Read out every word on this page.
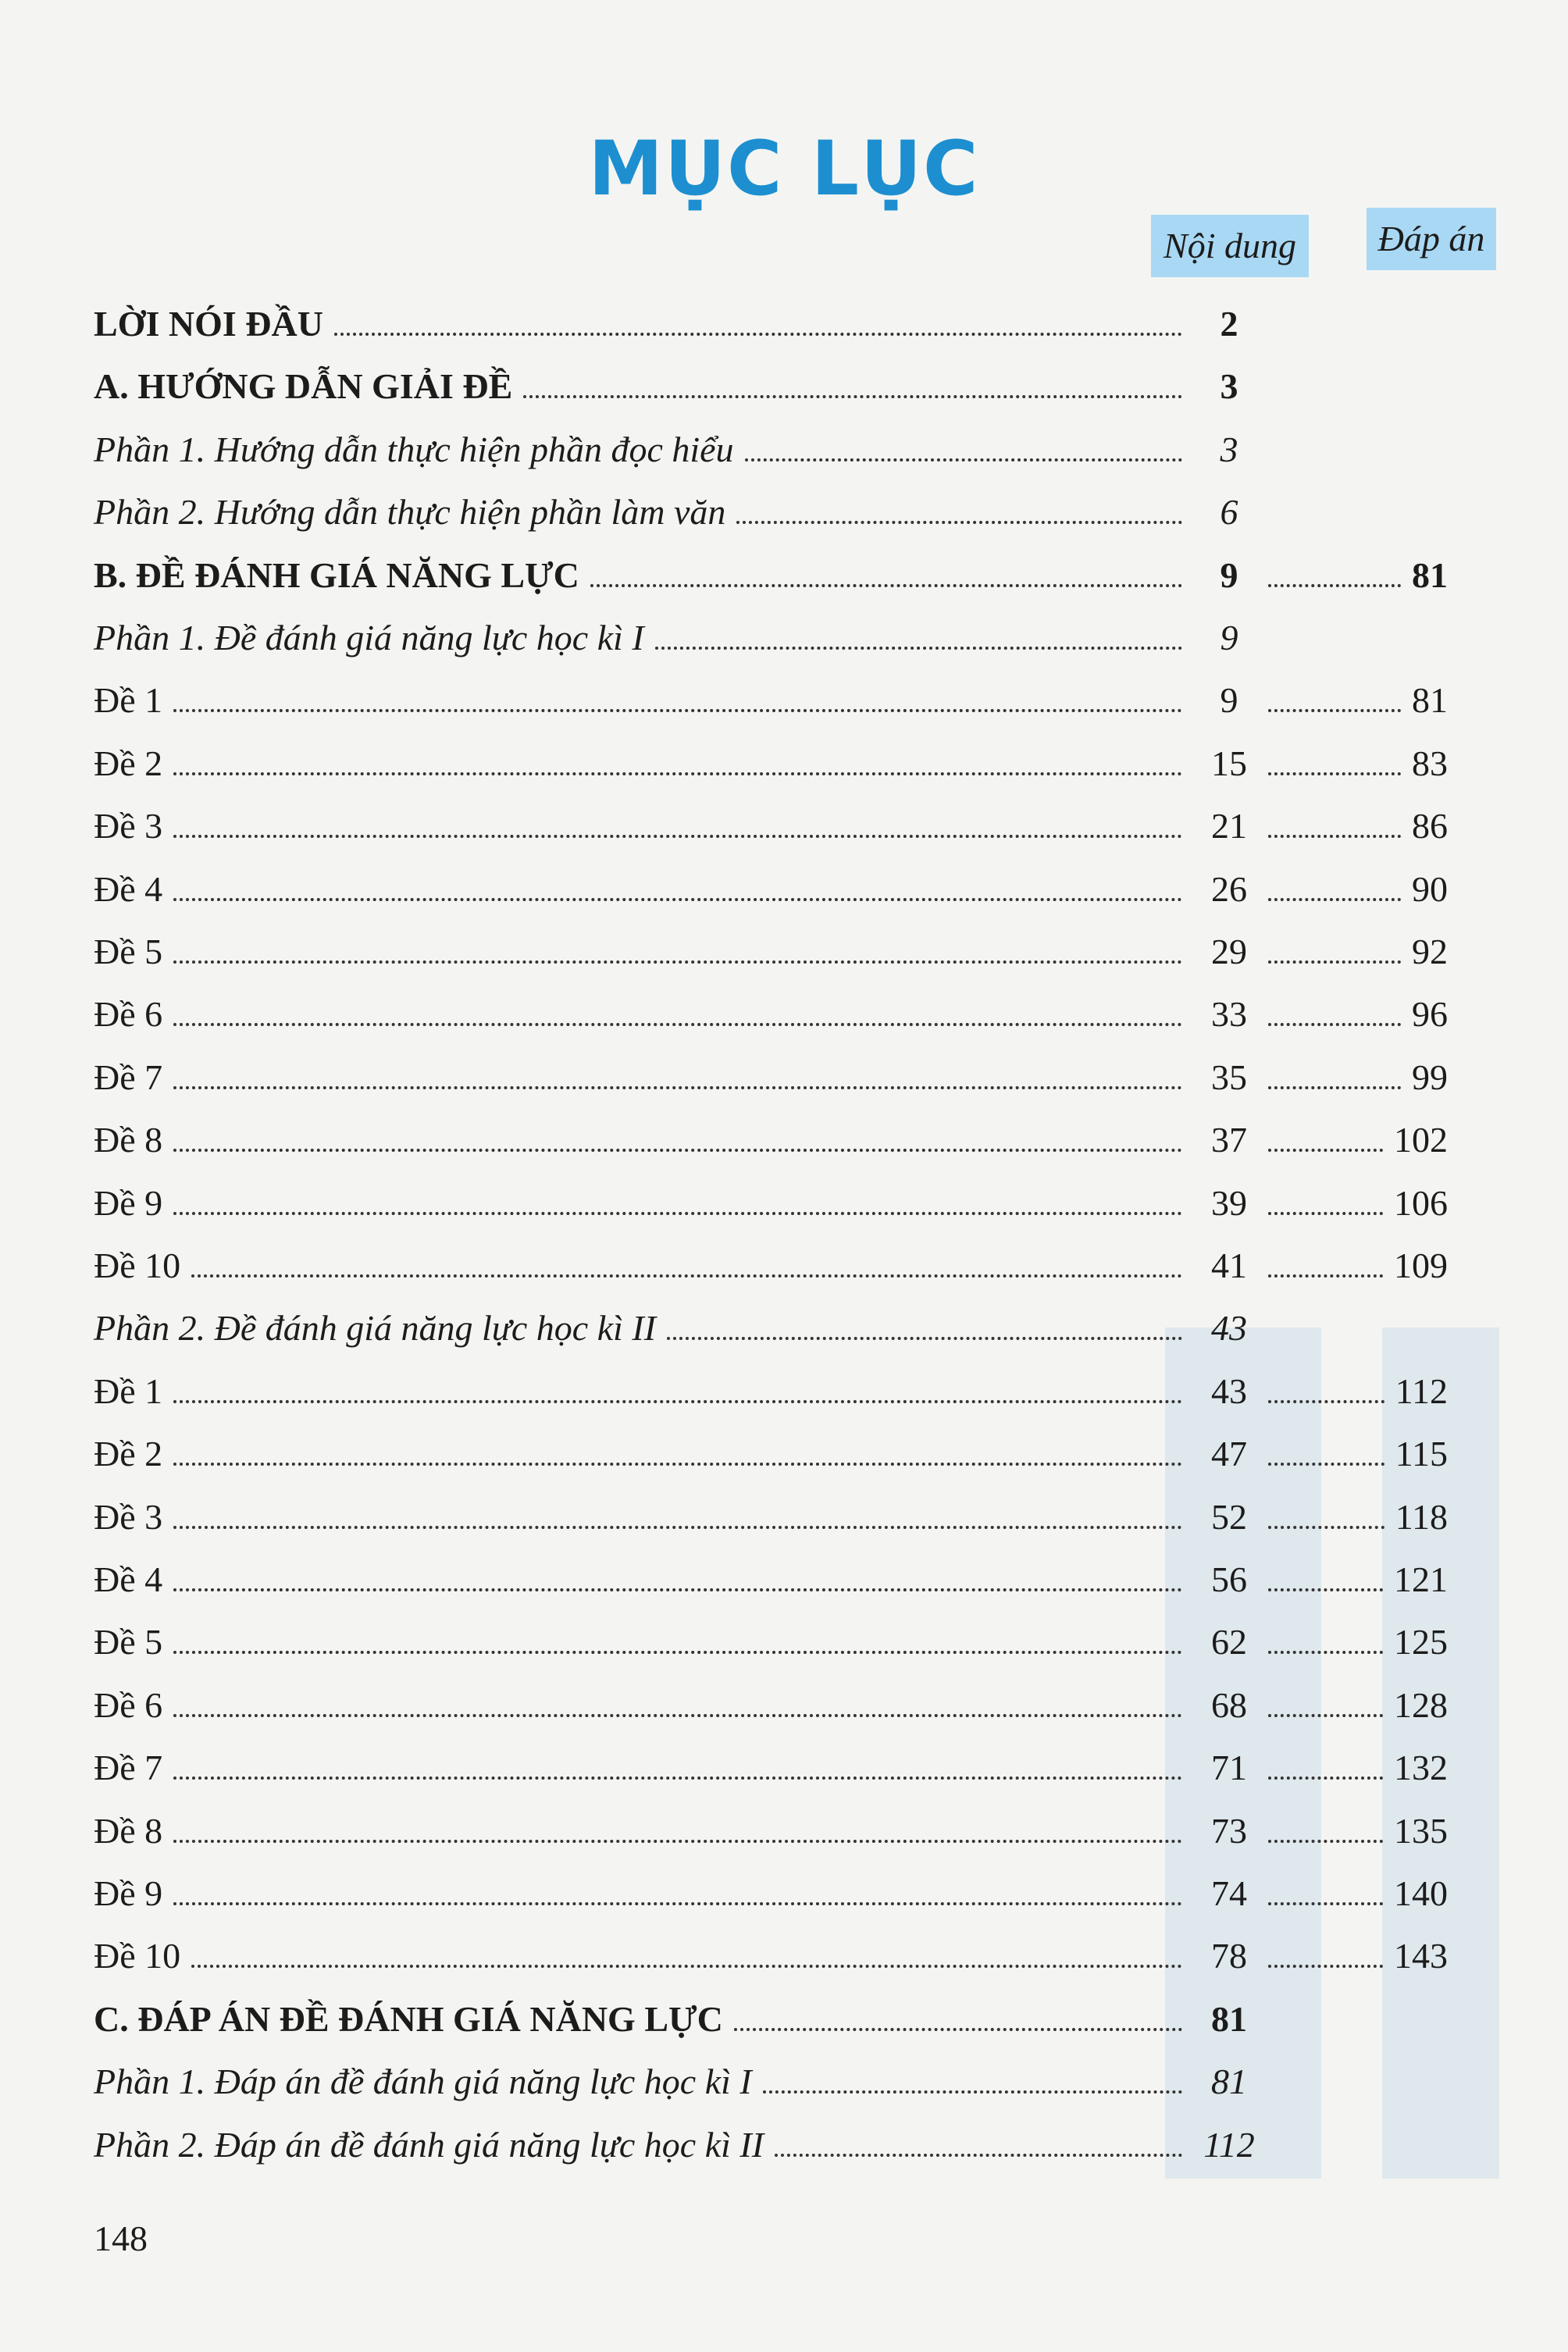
MỤC LỤC
Nội dung	Đáp án
LỜI NÓI ĐẦU	2
A. HƯỚNG DẪN GIẢI ĐỀ	3
Phần 1. Hướng dẫn thực hiện phần đọc hiểu	3
Phần 2. Hướng dẫn thực hiện phần làm văn	6
B. ĐỀ ĐÁNH GIÁ NĂNG LỰC	9	81
Phần 1. Đề đánh giá năng lực học kì I	9
Đề 1	9	81
Đề 2	15	83
Đề 3	21	86
Đề 4	26	90
Đề 5	29	92
Đề 6	33	96
Đề 7	35	99
Đề 8	37	102
Đề 9	39	106
Đề 10	41	109
Phần 2. Đề đánh giá năng lực học kì II	43
Đề 1	43	112
Đề 2	47	115
Đề 3	52	118
Đề 4	56	121
Đề 5	62	125
Đề 6	68	128
Đề 7	71	132
Đề 8	73	135
Đề 9	74	140
Đề 10	78	143
C. ĐÁP ÁN ĐỀ ĐÁNH GIÁ NĂNG LỰC	81
Phần 1. Đáp án đề đánh giá năng lực học kì I	81
Phần 2. Đáp án đề đánh giá năng lực học kì II	112
148
